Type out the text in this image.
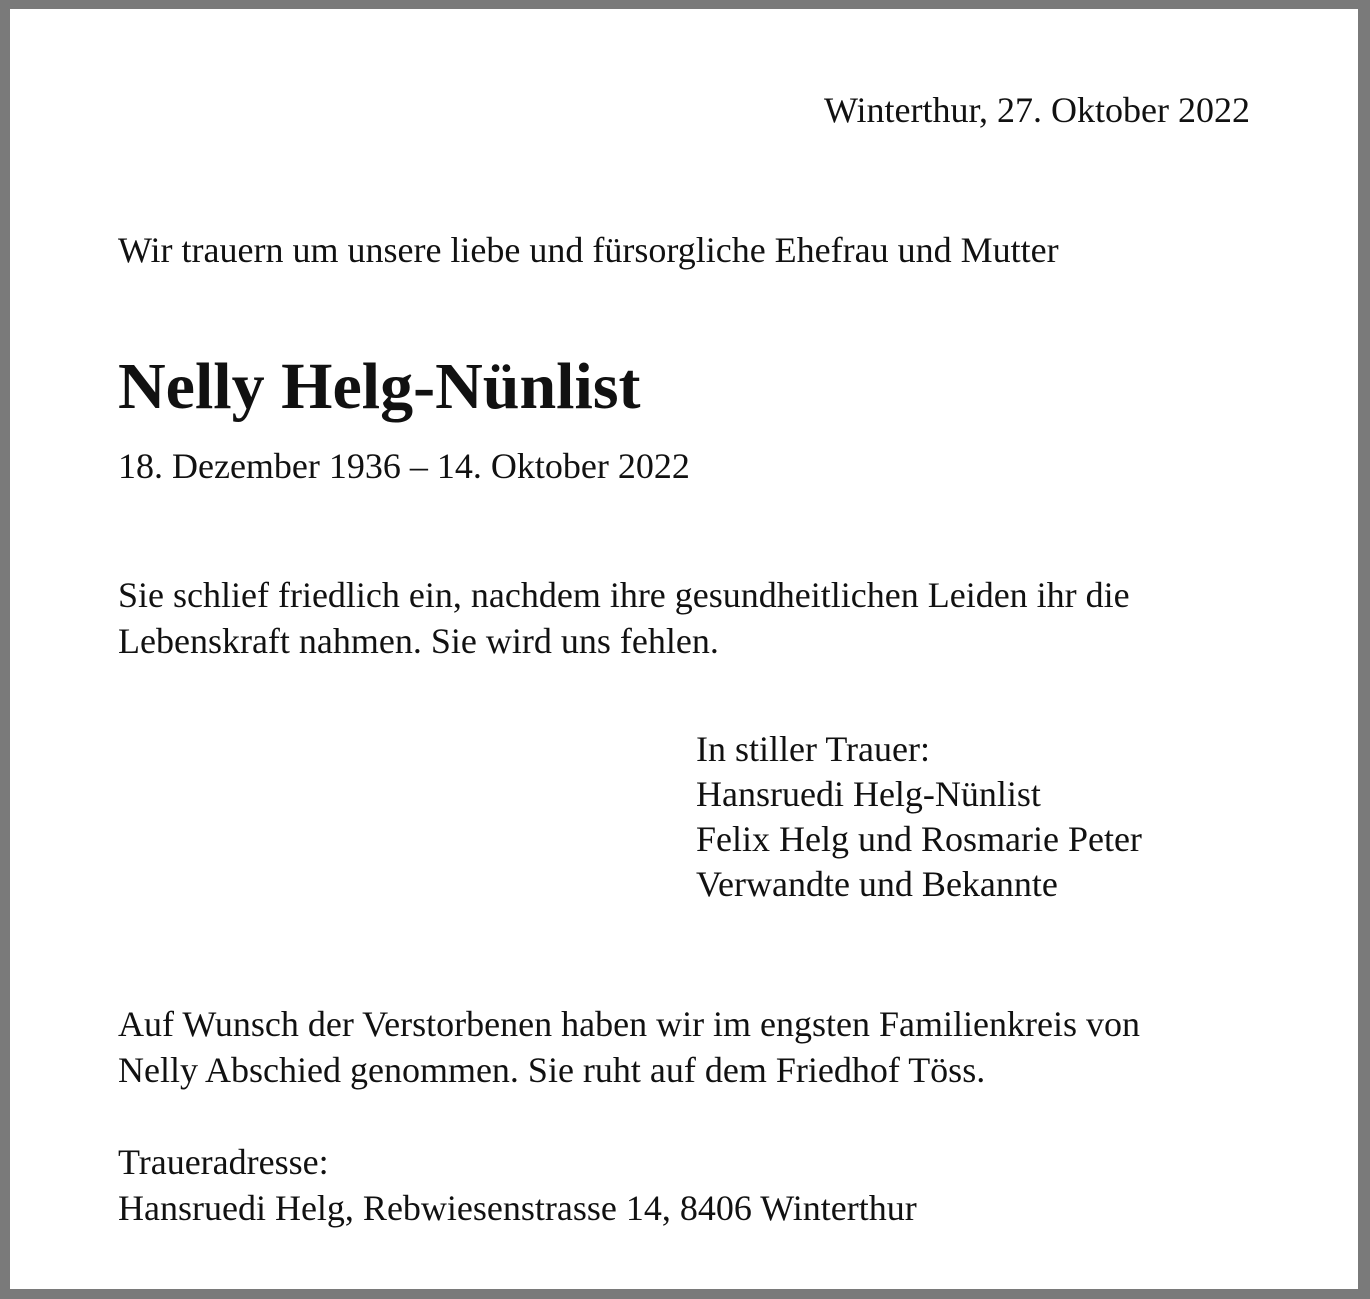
Winterthur, 27. Oktober 2022

Wir trauern um unsere liebe und fürsorgliche Ehefrau und Mutter

Nelly Helg-Nünlist

18. Dezember 1936 – 14. Oktober 2022

Sie schlief friedlich ein, nachdem ihre gesundheitlichen Leiden ihr die
Lebenskraft nahmen. Sie wird uns fehlen.
In stiller Trauer:
Hansruedi Helg-Nünlist
Felix Helg und Rosmarie Peter
Verwandte und Bekannte
Auf Wunsch der Verstorbenen haben wir im engsten Familienkreis von
Nelly Abschied genommen. Sie ruht auf dem Friedhof Töss.
Traueradresse:
Hansruedi Helg, Rebwiesenstrasse 14, 8406 Winterthur
